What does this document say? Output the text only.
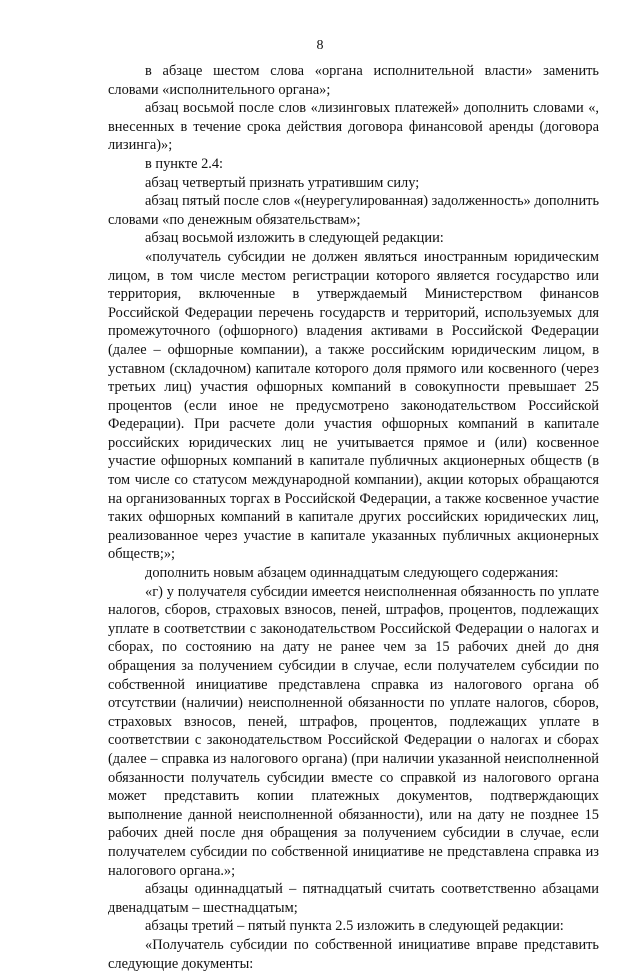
8

в абзаце шестом слова «органа исполнительной власти» заменить словами «исполнительного органа»;

абзац восьмой после слов «лизинговых платежей» дополнить словами «, внесенных в течение срока действия договора финансовой аренды (договора лизинга)»;

в пункте 2.4:

абзац четвертый признать утратившим силу;

абзац пятый после слов «(неурегулированная) задолженность» дополнить словами «по денежным обязательствам»;

абзац восьмой изложить в следующей редакции:

«получатель субсидии не должен являться иностранным юридическим лицом, в том числе местом регистрации которого является государство или территория, включенные в утверждаемый Министерством финансов Российской Федерации перечень государств и территорий, используемых для промежуточного (офшорного) владения активами в Российской Федерации (далее – офшорные компании), а также российским юридическим лицом, в уставном (складочном) капитале которого доля прямого или косвенного (через третьих лиц) участия офшорных компаний в совокупности превышает 25 процентов (если иное не предусмотрено законодательством Российской Федерации). При расчете доли участия офшорных компаний в капитале российских юридических лиц не учитывается прямое и (или) косвенное участие офшорных компаний в капитале публичных акционерных обществ (в том числе со статусом международной компании), акции которых обращаются на организованных торгах в Российской Федерации, а также косвенное участие таких офшорных компаний в капитале других российских юридических лиц, реализованное через участие в капитале указанных публичных акционерных обществ;»;

дополнить новым абзацем одиннадцатым следующего содержания:

«г) у получателя субсидии имеется неисполненная обязанность по уплате налогов, сборов, страховых взносов, пеней, штрафов, процентов, подлежащих уплате в соответствии с законодательством Российской Федерации о налогах и сборах, по состоянию на дату не ранее чем за 15 рабочих дней до дня обращения за получением субсидии в случае, если получателем субсидии по собственной инициативе представлена справка из налогового органа об отсутствии (наличии) неисполненной обязанности по уплате налогов, сборов, страховых взносов, пеней, штрафов, процентов, подлежащих уплате в соответствии с законодательством Российской Федерации о налогах и сборах (далее – справка из налогового органа) (при наличии указанной неисполненной обязанности получатель субсидии вместе со справкой из налогового органа может представить копии платежных документов, подтверждающих выполнение данной неисполненной обязанности), или на дату не позднее 15 рабочих дней после дня обращения за получением субсидии в случае, если получателем субсидии по собственной инициативе не представлена справка из налогового органа.»;

абзацы одиннадцатый – пятнадцатый считать соответственно абзацами двенадцатым – шестнадцатым;

абзацы третий – пятый пункта 2.5 изложить в следующей редакции:

«Получатель субсидии по собственной инициативе вправе представить следующие документы:
